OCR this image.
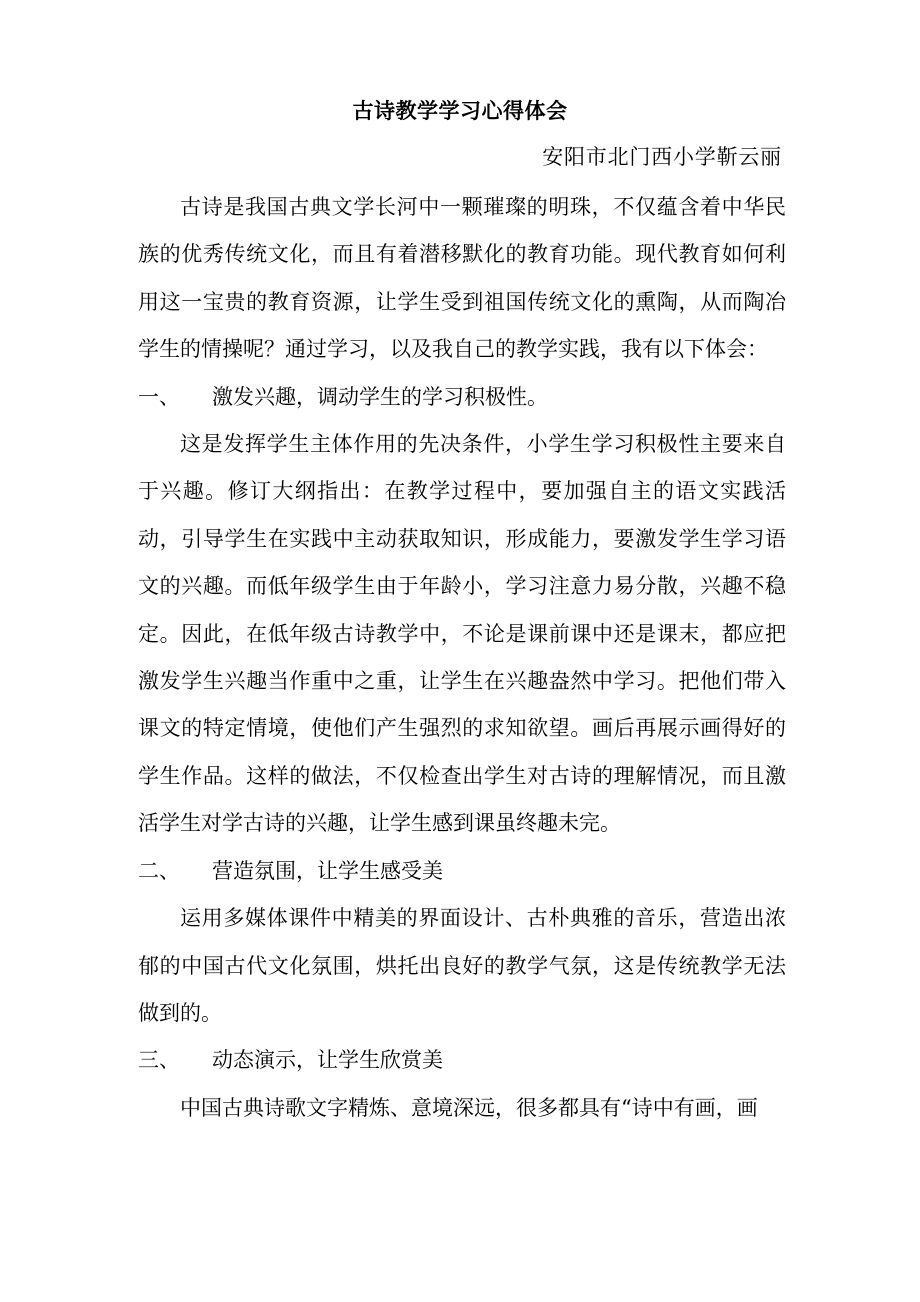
古诗教学学习心得体会
安阳市北门西小学靳云丽

古诗是我国古典文学长河中一颗璀璨的明珠，不仅蕴含着中华民族的优秀传统文化，而且有着潜移默化的教育功能。现代教育如何利用这一宝贵的教育资源，让学生受到祖国传统文化的熏陶，从而陶冶学生的情操呢？通过学习，以及我自己的教学实践，我有以下体会：

一、	激发兴趣，调动学生的学习积极性。

这是发挥学生主体作用的先决条件，小学生学习积极性主要来自于兴趣。修订大纲指出：在教学过程中，要加强自主的语文实践活动，引导学生在实践中主动获取知识，形成能力，要激发学生学习语文的兴趣。而低年级学生由于年龄小，学习注意力易分散，兴趣不稳定。因此，在低年级古诗教学中，不论是课前课中还是课末，都应把激发学生兴趣当作重中之重，让学生在兴趣盎然中学习。把他们带入课文的特定情境，使他们产生强烈的求知欲望。画后再展示画得好的学生作品。这样的做法，不仅检查出学生对古诗的理解情况，而且激活学生对学古诗的兴趣，让学生感到课虽终趣未完。

二、	营造氛围，让学生感受美

运用多媒体课件中精美的界面设计、古朴典雅的音乐，营造出浓郁的中国古代文化氛围，烘托出良好的教学气氛，这是传统教学无法做到的。

三、	动态演示，让学生欣赏美

中国古典诗歌文字精炼、意境深远，很多都具有“诗中有画，画
